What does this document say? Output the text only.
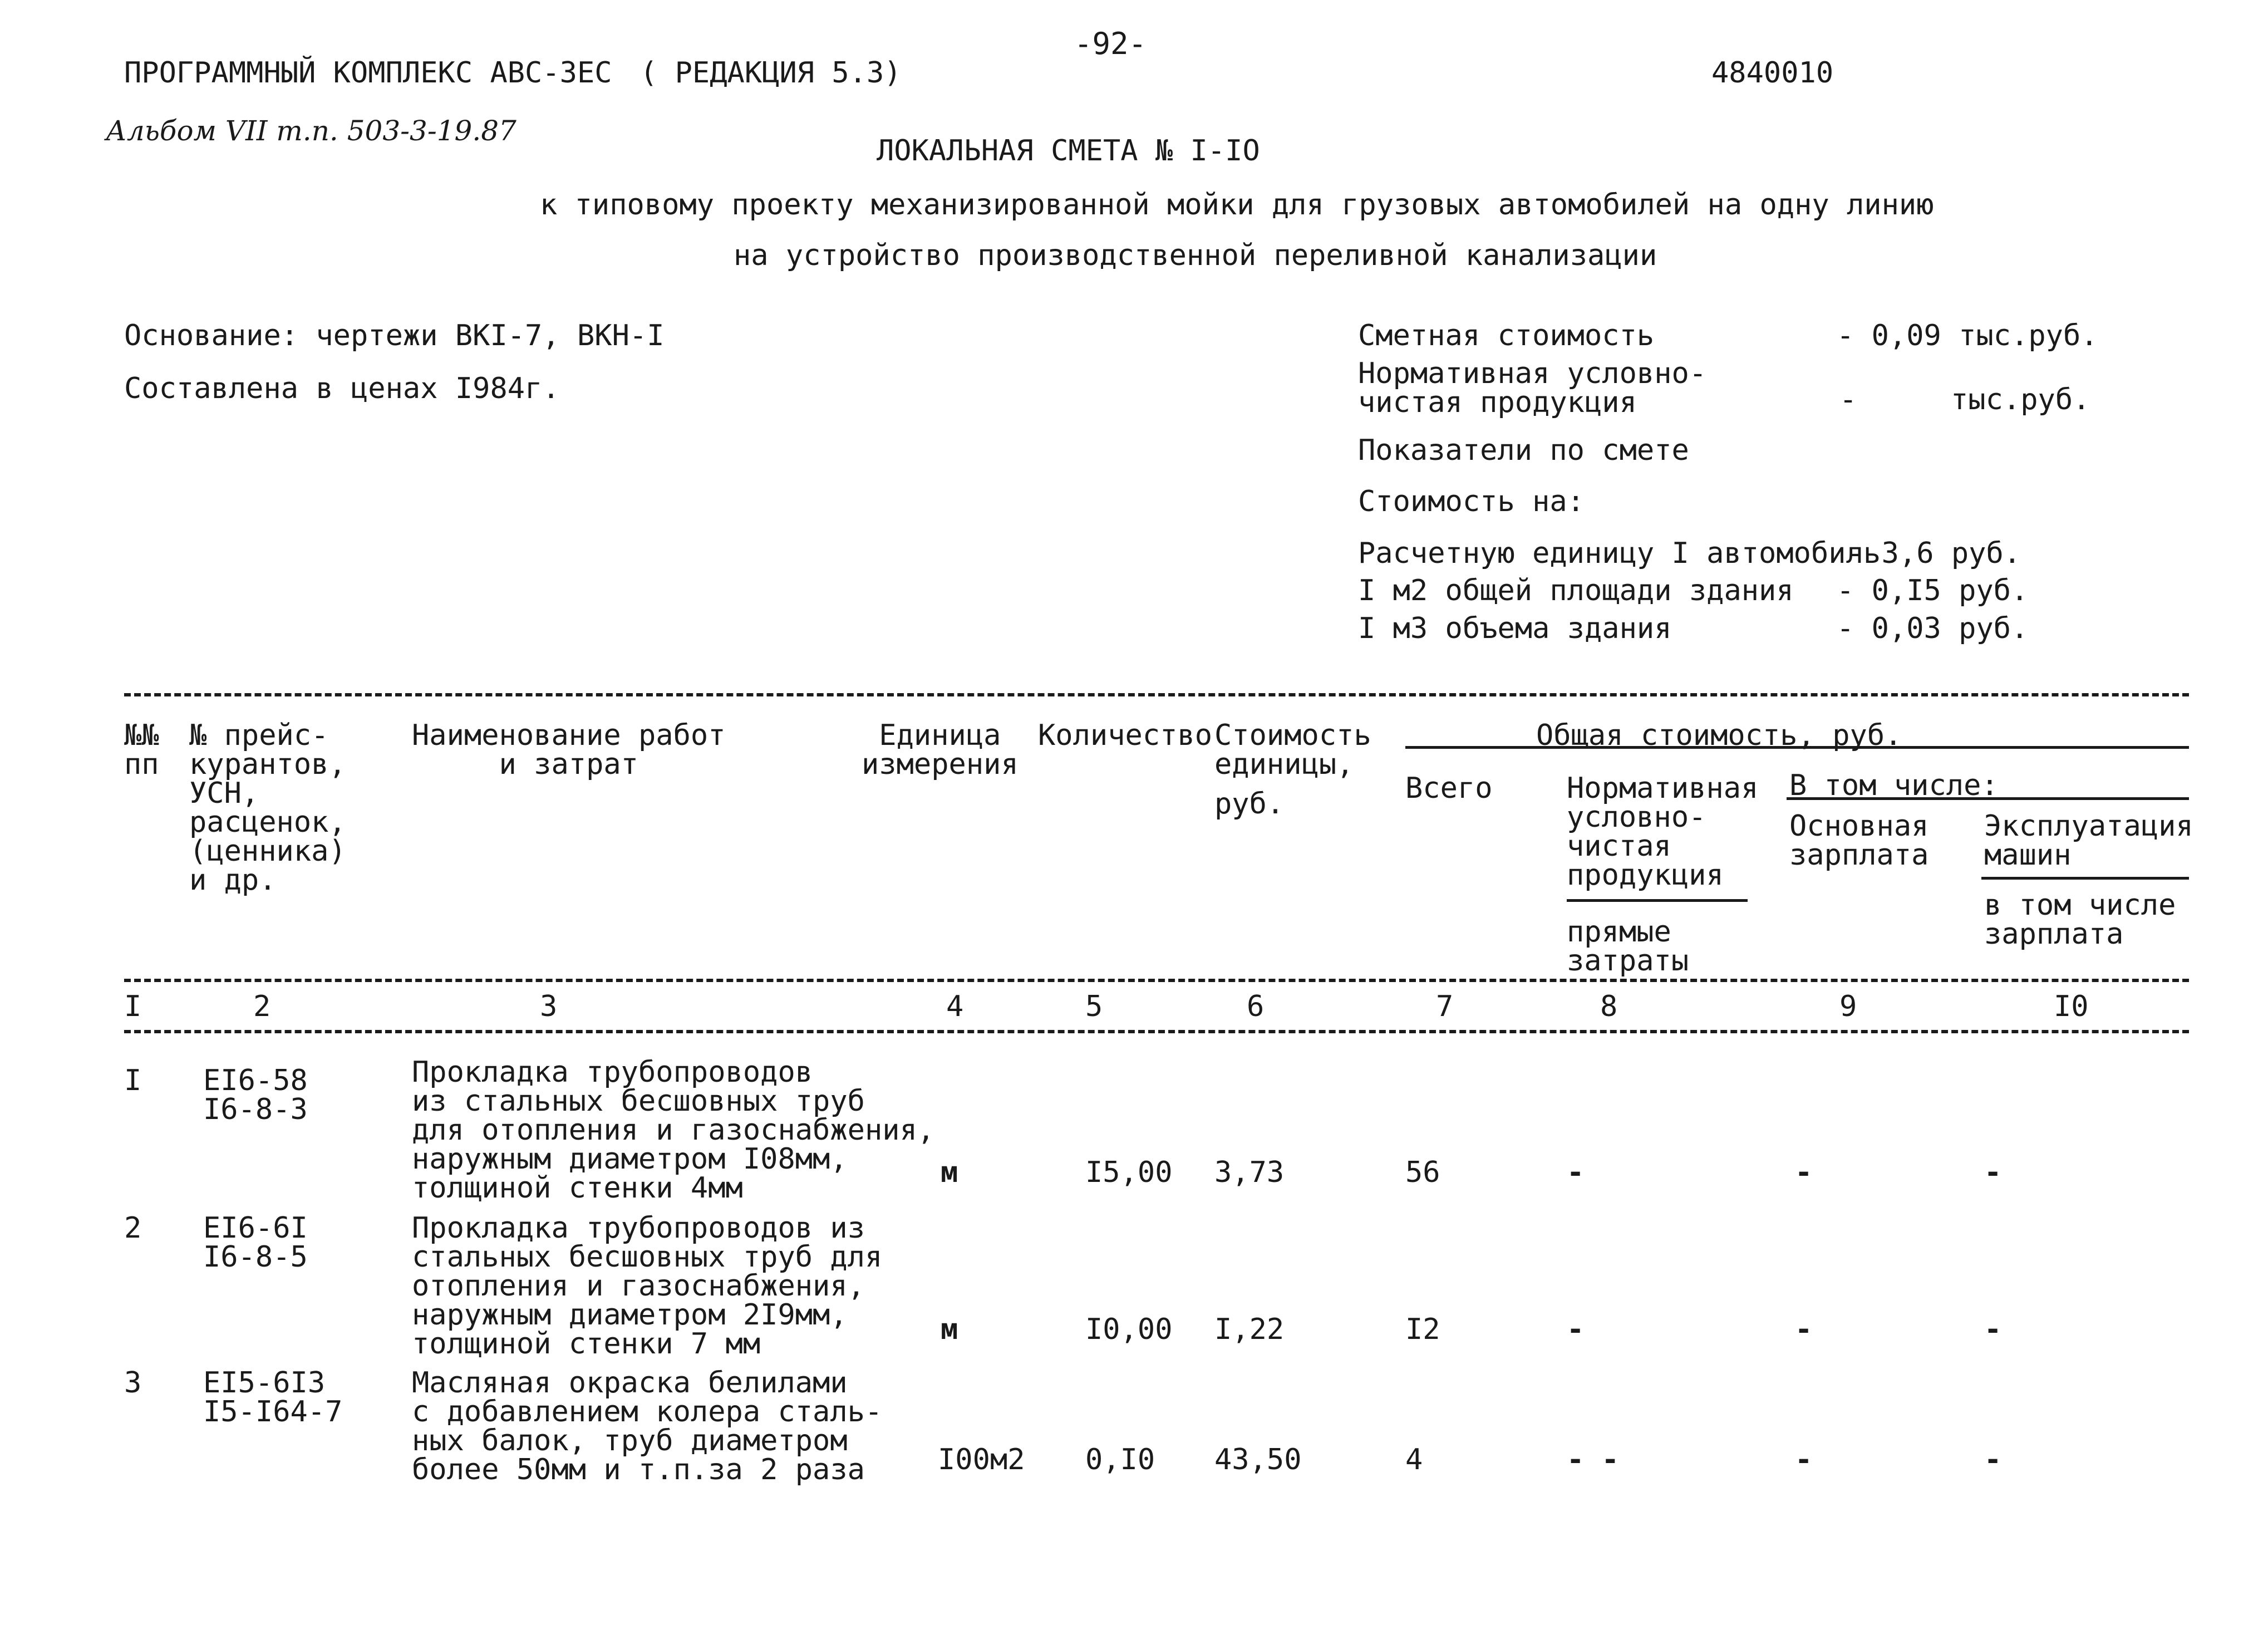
-92-
ПРОГРАММНЫЙ КОМПЛЕКС АВС-ЗЕС ( РЕДАКЦИЯ 5.3)	4840010
Альбом VII т.п. 503-3-19.87
ЛОКАЛЬНАЯ СМЕТА № I-IO
к типовому проекту механизированной мойки для грузовых автомобилей на одну линию
на устройство производственной переливной канализации
Основание: чертежи ВКI-7, ВКН-I
Составлена в ценах I984г.
Сметная стоимость	- 0,09 тыс.руб.
Нормативная условно-
чистая продукция	-	тыс.руб.
Показатели по смете
Стоимость на:
Расчетную единицу I автомобиль
- 3,6 руб.
I м2 общей площади здания - 0,I5 руб.
I м3 объема здания	- 0,03 руб.
№№
пп
№ прейс-
курантов,
УСН,
расценок,
(ценника)
и др.
Наименование работ
и затрат
Единица
измерения
Количество Стоимость
единицы,
руб.
Общая стоимость, руб.
Всего	Нормативная
условно-
чистая
продукция
прямые
затраты
В том числе:
Основная
зарплата
Эксплуатация
машин
в том числе
зарплата
I	2	3	4	5	6	7	8	9	I0
I ЕI6-58
I6-8-3
Прокладка трубопроводов
из стальных бесшовных труб
для отопления и газоснабжения,
наружным диаметром I08мм,
толщиной стенки 4мм	м	I5,00 3,73	56	-	-	-
2 ЕI6-6I
I6-8-5
Прокладка трубопроводов из
стальных бесшовных труб для
отопления и газоснабжения,
наружным диаметром 2I9мм,
толщиной стенки 7 мм	м	I0,00 I,22	I2	-	-	-
3 ЕI5-6I3
I5-I64-7
Масляная окраска белилами
с добавлением колера сталь-
ных балок, труб диаметром
более 50мм и т.п.за 2 раза	I00м2 0,I0 43,50	4	- -	-	-
